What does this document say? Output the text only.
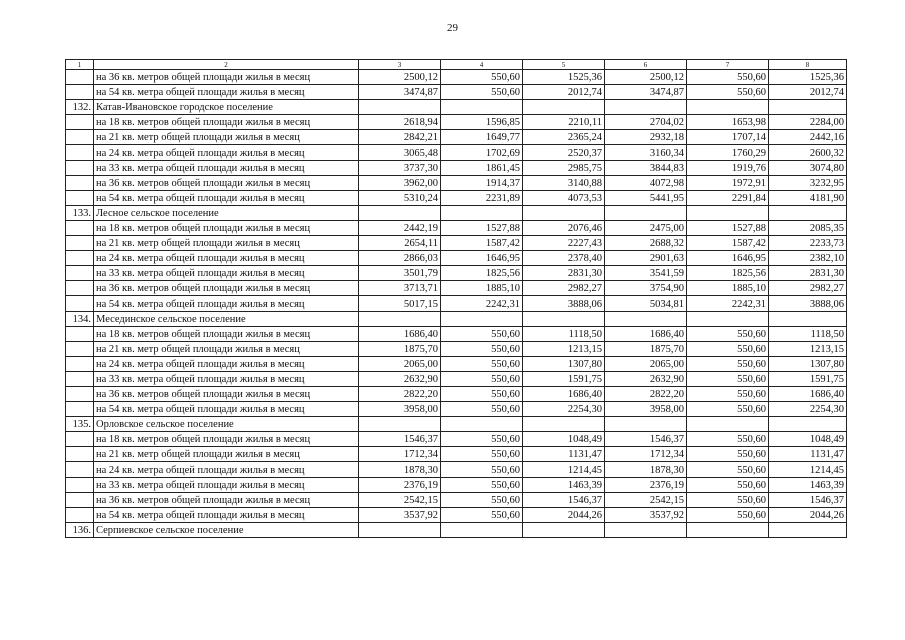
29
1	2	3	4	5	6	7	8
	на 36 кв. метров общей площади жилья в месяц	2500,12	550,60	1525,36	2500,12	550,60	1525,36
	на 54 кв. метра общей площади жилья в месяц	3474,87	550,60	2012,74	3474,87	550,60	2012,74
132.	Катав-Ивановское городское поселение						
	на 18 кв. метров общей площади жилья в месяц	2618,94	1596,85	2210,11	2704,02	1653,98	2284,00
	на 21 кв. метр общей площади жилья в месяц	2842,21	1649,77	2365,24	2932,18	1707,14	2442,16
	на 24 кв. метра общей площади жилья в месяц	3065,48	1702,69	2520,37	3160,34	1760,29	2600,32
	на 33 кв. метра общей площади жилья в месяц	3737,30	1861,45	2985,75	3844,83	1919,76	3074,80
	на 36 кв. метров общей площади жилья в месяц	3962,00	1914,37	3140,88	4072,98	1972,91	3232,95
	на 54 кв. метра общей площади жилья в месяц	5310,24	2231,89	4073,53	5441,95	2291,84	4181,90
133.	Лесное сельское поселение						
	на 18 кв. метров общей площади жилья в месяц	2442,19	1527,88	2076,46	2475,00	1527,88	2085,35
	на 21 кв. метр общей площади жилья в месяц	2654,11	1587,42	2227,43	2688,32	1587,42	2233,73
	на 24 кв. метра общей площади жилья в месяц	2866,03	1646,95	2378,40	2901,63	1646,95	2382,10
	на 33 кв. метра общей площади жилья в месяц	3501,79	1825,56	2831,30	3541,59	1825,56	2831,30
	на 36 кв. метров общей площади жилья в месяц	3713,71	1885,10	2982,27	3754,90	1885,10	2982,27
	на 54 кв. метра общей площади жилья в месяц	5017,15	2242,31	3888,06	5034,81	2242,31	3888,06
134.	Месединское сельское поселение						
	на 18 кв. метров общей площади жилья в месяц	1686,40	550,60	1118,50	1686,40	550,60	1118,50
	на 21 кв. метр общей площади жилья в месяц	1875,70	550,60	1213,15	1875,70	550,60	1213,15
	на 24 кв. метра общей площади жилья в месяц	2065,00	550,60	1307,80	2065,00	550,60	1307,80
	на 33 кв. метра общей площади жилья в месяц	2632,90	550,60	1591,75	2632,90	550,60	1591,75
	на 36 кв. метров общей площади жилья в месяц	2822,20	550,60	1686,40	2822,20	550,60	1686,40
	на 54 кв. метра общей площади жилья в месяц	3958,00	550,60	2254,30	3958,00	550,60	2254,30
135.	Орловское сельское поселение						
	на 18 кв. метров общей площади жилья в месяц	1546,37	550,60	1048,49	1546,37	550,60	1048,49
	на 21 кв. метр общей площади жилья в месяц	1712,34	550,60	1131,47	1712,34	550,60	1131,47
	на 24 кв. метра общей площади жилья в месяц	1878,30	550,60	1214,45	1878,30	550,60	1214,45
	на 33 кв. метра общей площади жилья в месяц	2376,19	550,60	1463,39	2376,19	550,60	1463,39
	на 36 кв. метров общей площади жилья в месяц	2542,15	550,60	1546,37	2542,15	550,60	1546,37
	на 54 кв. метра общей площади жилья в месяц	3537,92	550,60	2044,26	3537,92	550,60	2044,26
136.	Серпиевское сельское поселение						
